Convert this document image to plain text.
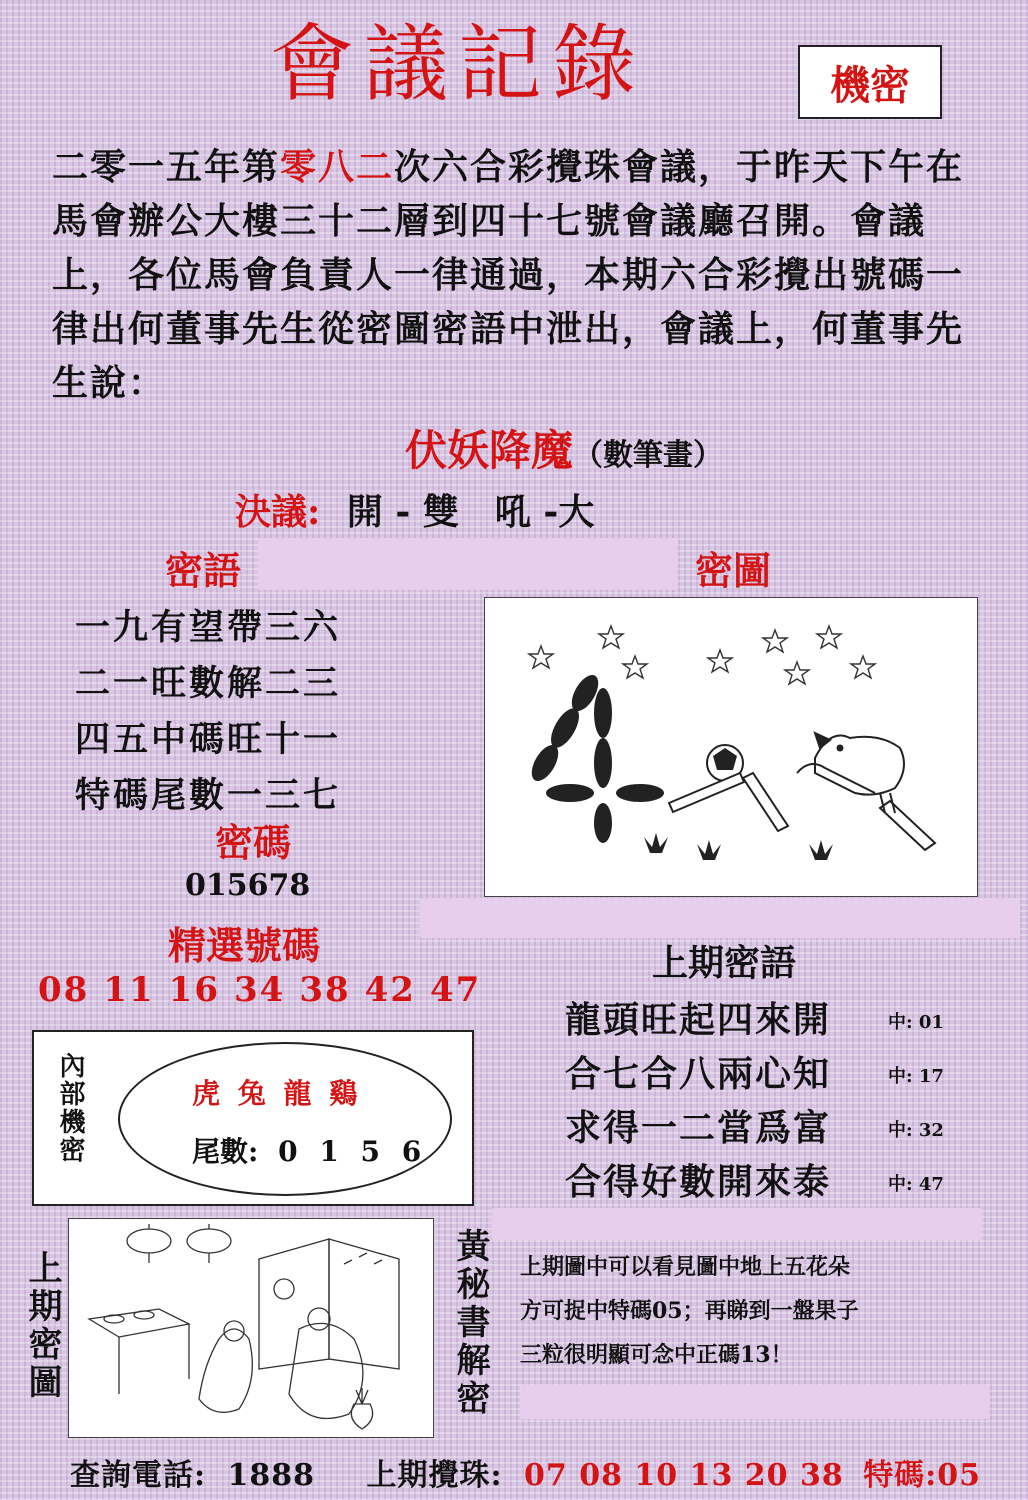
會議記錄	機密
二零一五年第零八二次六合彩攪珠會議，于昨天下午在馬會辦公大樓三十二層到四十七號會議廳召開。會議上，各位馬會負責人一律通過，本期六合彩攪出號碼一律出何董事先生從密圖密語中泄出，會議上，何董事先生說：
伏妖降魔（數筆畫）
決議: 開 - 雙　吼 -大
密語	密圖
一九有望帶三六
二一旺數解二三
四五中碼旺十一
特碼尾數一三七
密碼
015678
精選號碼
08 11 16 34 38 42 47
上期密語
龍頭旺起四來開	中: 01
合七合八兩心知	中: 17
求得一二當爲富	中: 32
合得好數開來泰	中: 47
內部機密	虎 兔 龍 鷄
尾數: 0 1 5 6
上期密圖	黃秘書解密 上期圖中可以看見圖中地上五花朵
方可捉中特碼05；再睇到一盤果子
三粒很明顯可念中正碼13！
查詢電話: 1888 上期攪珠: 07 08 10 13 20 38 特碼:05
